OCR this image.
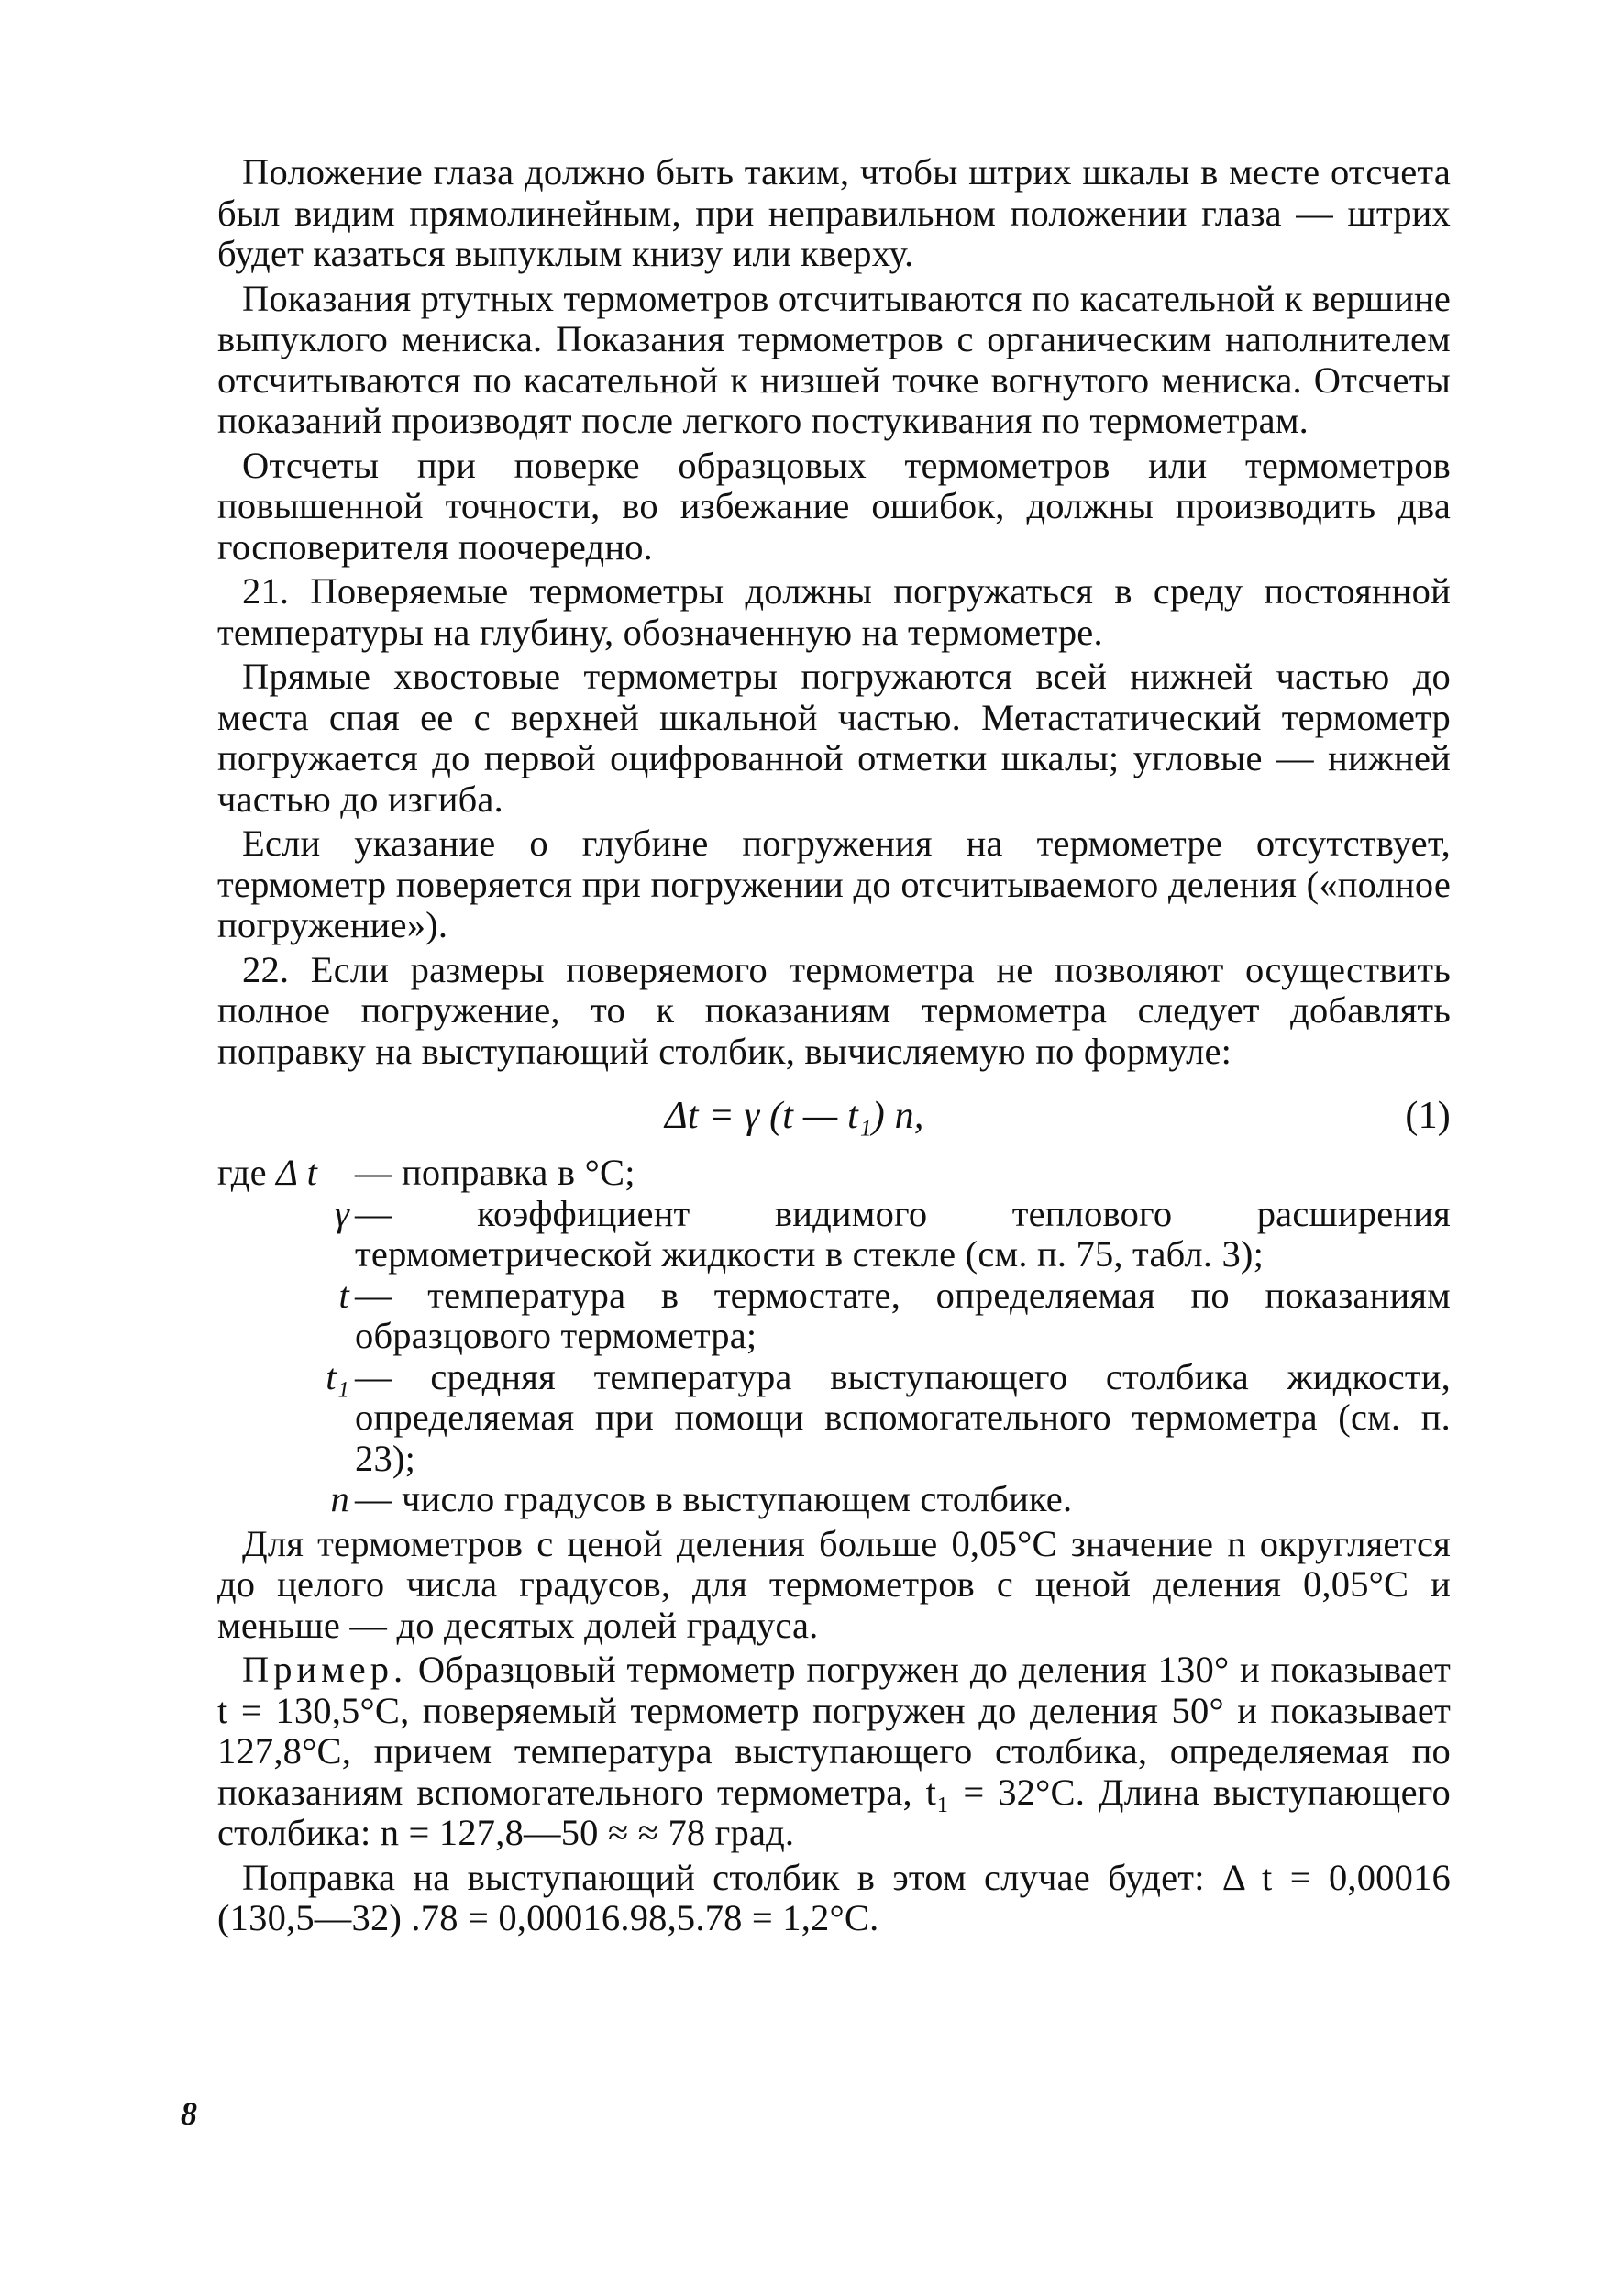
Положение глаза должно быть таким, чтобы штрих шкалы в месте отсчета был видим прямолинейным, при неправильном положении глаза — штрих будет казаться выпуклым книзу или кверху.

Показания ртутных термометров отсчитываются по касательной к вершине выпуклого мениска. Показания термометров с органическим наполнителем отсчитываются по касательной к низшей точке вогнутого мениска. Отсчеты показаний производят после легкого постукивания по термометрам.

Отсчеты при поверке образцовых термометров или термометров повышенной точности, во избежание ошибок, должны производить два госповерителя поочередно.

21. Поверяемые термометры должны погружаться в среду постоянной температуры на глубину, обозначенную на термометре.

Прямые хвостовые термометры погружаются всей нижней частью до места спая ее с верхней шкальной частью. Метастатический термометр погружается до первой оцифрованной отметки шкалы; угловые — нижней частью до изгиба.

Если указание о глубине погружения на термометре отсутствует, термометр поверяется при погружении до отсчитываемого деления («полное погружение»).

22. Если размеры поверяемого термометра не позволяют осуществить полное погружение, то к показаниям термометра следует добавлять поправку на выступающий столбик, вычисляемую по формуле:

Δt = γ (t — t₁) n,	(1)
где Δ t	— поправка в °С;
γ — коэффициент видимого теплового расширения термометрической жидкости в стекле (см. п. 75, табл. 3);
t — температура в термостате, определяемая по показаниям образцового термометра;
t₁ — средняя температура выступающего столбика жидкости, определяемая при помощи вспомогательного термометра (см. п. 23);
n — число градусов в выступающем столбике.

Для термометров с ценой деления больше 0,05°С значение n округляется до целого числа градусов, для термометров с ценой деления 0,05°С и меньше — до десятых долей градуса.

Пример. Образцовый термометр погружен до деления 130° и показывает t = 130,5°С, поверяемый термометр погружен до деления 50° и показывает 127,8°С, причем температура выступающего столбика, определяемая по показаниям вспомогательного термометра, t₁ = 32°С. Длина выступающего столбика: n = 127,8—50 ≈ ≈ 78 град.

Поправка на выступающий столбик в этом случае будет: Δ t = 0,00016 (130,5—32) .78 = 0,00016.98,5.78 = 1,2°С.

8
